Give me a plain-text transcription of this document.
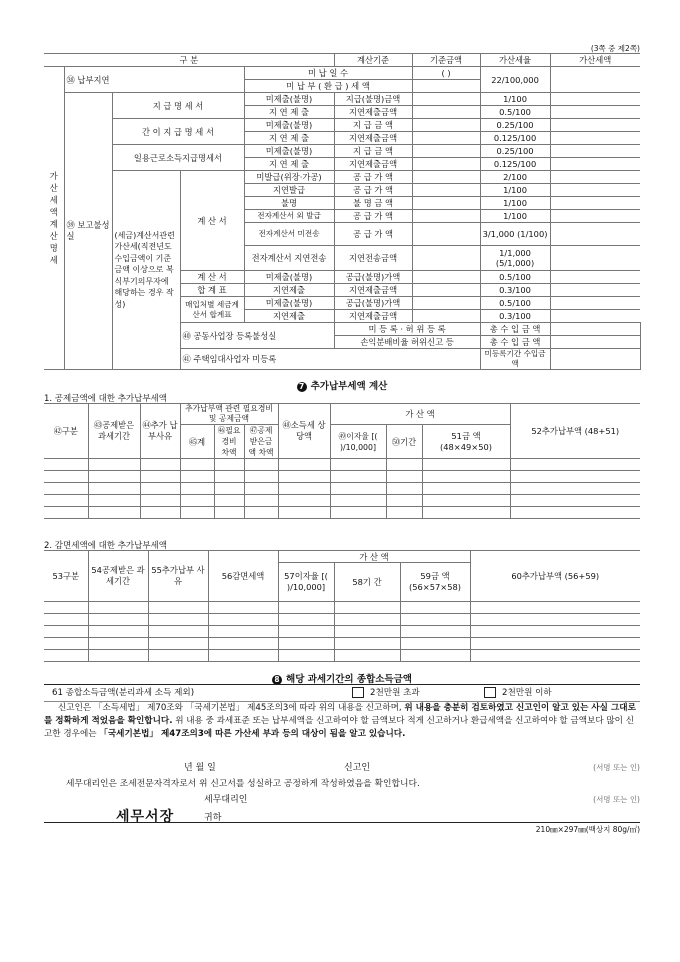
(3쪽 중 제2쪽)
구 분					계산기준	기준금액	가산세율	가산세액	
가산세액계산명세	㊳ 납부지연			미 납 일 수		( )	22/100,000		
				미 납 부 ( 환 급 ) 세 액					
	㊴ 보고불성실	지 급 명 세 서		미제출(불명)	지급(불명)금액		1/100		
				지 연 제 출	지연제출금액		0.5/100		
		간 이 지 급 명 세 서		미제출(불명)	지 급 금 액		0.25/100		
				지 연 제 출	지연제출금액		0.125/100		
		일용근로소득지급명세서		미제출(불명)	지 급 금 액		0.25/100		
				지 연 제 출	지연제출금액		0.125/100		
		(세금)계산서관련 가산세(직전년도 수입금액이 기준금액 이상으로 복식부기의무자에 해당하는 경우 작성)	계 산 서	미발급(위장·가공)	공 급 가 액		2/100		
				지연발급	공 급 가 액		1/100		
				불명	불 명 금 액		1/100		
				전자계산서 외 발급	공 급 가 액		1/100		
				전자계산서 미전송	공 급 가 액		3/1,000 (1/100)		
				전자계산서 지연전송	지연전송금액		1/1,000 (5/1,000)		
			계 산 서	미제출(불명)	공급(불명)가액		0.5/100		
			합 계 표	지연제출	지연제출금액		0.3/100		
			매입처별 세금계산서 합계표	미제출(불명)	공급(불명)가액		0.5/100		
				지연제출	지연제출금액		0.3/100		
			㊵ 공동사업장 등록불성실		미 등 록 · 허 위 등 록		총 수 입 금 액			
					손익분배비율 허위신고 등		총 수 입 금 액			
			㊶ 주택임대사업자 미등록				미등록기간 수입금액			
7 추가납부세액 계산
1. 공제금액에 대한 추가납부세액
㊷구분	㊸공제받은 과세기간	㊹추가 납부사유	추가납부액 관련 필요경비 및 공제금액			㊽소득세 상당액	가 산 액			52추가납부액 (48+51)	
			㊺계	㊻필요경비 차액	㊼공제받은금액 차액		㊾이자율 [( )/10,000]	㊿기간	51금 액 (48×49×50)		

2. 감면세액에 대한 추가납부세액
53구분	54공제받은 과세기간	55추가납부 사유	56감면세액	가 산 액			60추가납부액 (56+59)
				57이자율 [( )/10,000]	58기 간	59금 액 (56×57×58)	

8 해당 과세기간의 종합소득금액
61 종합소득금액(분리과세 소득 제외)	2천만원 초과	2천만원 이하
신고인은 「소득세법」 제70조와 「국세기본법」 제45조의3에 따라 위의 내용을 신고하며, 위 내용을 충분히 검토하였고 신고인이 알고 있는 사실 그대로를 정확하게 적었음을 확인합니다. 위 내용 중 과세표준 또는 납부세액을 신고하여야 할 금액보다 적게 신고하거나 환급세액을 신고하여야 할 금액보다 많이 신고한 경우에는 「국세기본법」 제47조의3에 따른 가산세 부과 등의 대상이 됨을 알고 있습니다.
년 월 일	신고인	(서명 또는 인)
세무대리인은 조세전문자격자로서 위 신고서를 성실하고 공정하게 작성하였음을 확인합니다.
세무대리인	(서명 또는 인)
세무서장	귀하
210㎜×297㎜(백상지 80g/㎡)
